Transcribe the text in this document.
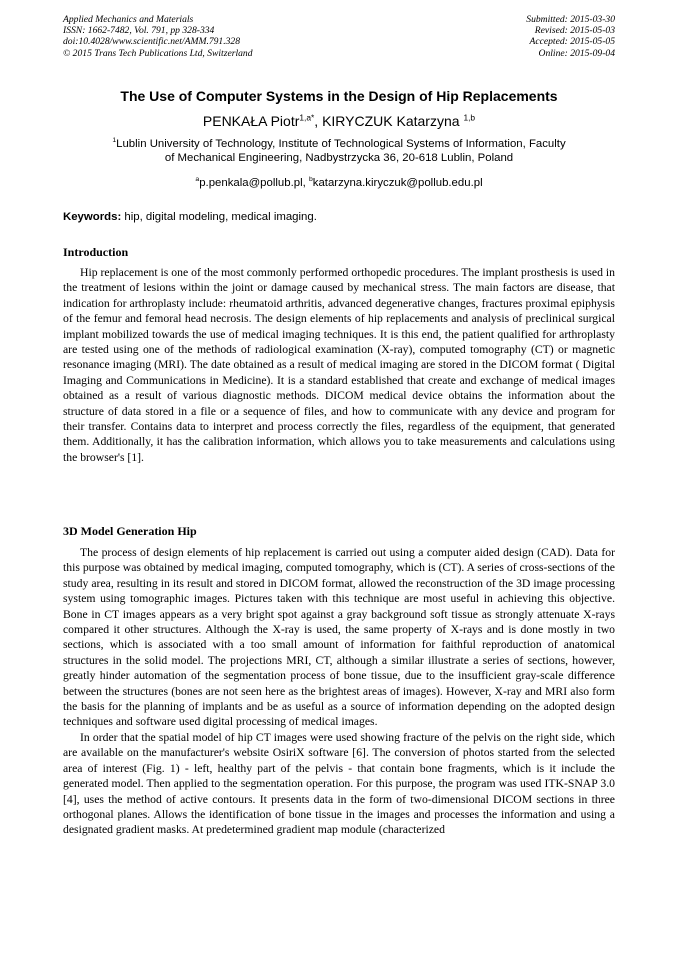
Applied Mechanics and Materials
ISSN: 1662-7482, Vol. 791, pp 328-334
doi:10.4028/www.scientific.net/AMM.791.328
© 2015 Trans Tech Publications Ltd, Switzerland
Submitted: 2015-03-30
Revised: 2015-05-03
Accepted: 2015-05-05
Online: 2015-09-04
The Use of Computer Systems in the Design of Hip Replacements
PENKAŁA Piotr$^{1,a*}$, KIRYCZUK Katarzyna $^{1,b}$
$^1$Lublin University of Technology, Institute of Technological Systems of Information, Faculty
of Mechanical Engineering, Nadbystrzycka 36, 20-618 Lublin, Poland
$^a$p.penkala@pollub.pl, $^b$katarzyna.kiryczuk@pollub.edu.pl
Keywords: hip, digital modeling, medical imaging.
Introduction

Hip replacement is one of the most commonly performed orthopedic procedures. The implant prosthesis is used in the treatment of lesions within the joint or damage caused by mechanical stress. The main factors are disease, that indication for arthroplasty include: rheumatoid arthritis, advanced degenerative changes, fractures proximal epiphysis of the femur and femoral head necrosis. The design elements of hip replacements and analysis of preclinical surgical implant mobilized towards the use of medical imaging techniques. It is this end, the patient qualified for arthroplasty are tested using one of the methods of radiological examination (X-ray), computed tomography (CT) or magnetic resonance imaging (MRI). The date obtained as a result of medical imaging are stored in the DICOM format ( Digital Imaging and Communications in Medicine). It is a standard established that create and exchange of medical images obtained as a result of various diagnostic methods. DICOM medical device obtains the information about the structure of data stored in a file or a sequence of files, and how to communicate with any device and program for their transfer. Contains data to interpret and process correctly the files, regardless of the equipment, that generated them. Additionally, it has the calibration information, which allows you to take measurements and calculations using the browser's [1].

3D Model Generation Hip

The process of design elements of hip replacement is carried out using a computer aided design (CAD). Data for this purpose was obtained by medical imaging, computed tomography, which is (CT). A series of cross-sections of the study area, resulting in its result and stored in DICOM format, allowed the reconstruction of the 3D image processing system using tomographic images. Pictures taken with this technique are most useful in achieving this objective. Bone in CT images appears as a very bright spot against a gray background soft tissue as strongly attenuate X-rays compared it other structures. Although the X-ray is used, the same property of X-rays and is done mostly in two sections, which is associated with a too small amount of information for faithful reproduction of anatomical structures in the solid model. The projections MRI, CT, although a similar illustrate a series of sections, however, greatly hinder automation of the segmentation process of bone tissue, due to the insufficient gray-scale difference between the structures (bones are not seen here as the brightest areas of images). However, X-ray and MRI also form the basis for the planning of implants and be as useful as a source of information depending on the adopted design techniques and software used digital processing of medical images.

In order that the spatial model of hip CT images were used showing fracture of the pelvis on the right side, which are available on the manufacturer's website OsiriX software [6]. The conversion of photos started from the selected area of interest (Fig. 1) - left, healthy part of the pelvis - that contain bone fragments, which is it include the generated model. Then applied to the segmentation operation. For this purpose, the program was used ITK-SNAP 3.0 [4], uses the method of active contours. It presents data in the form of two-dimensional DICOM sections in three orthogonal planes. Allows the identification of bone tissue in the images and processes the information and using a designated gradient masks. At predetermined gradient map module (characterized
